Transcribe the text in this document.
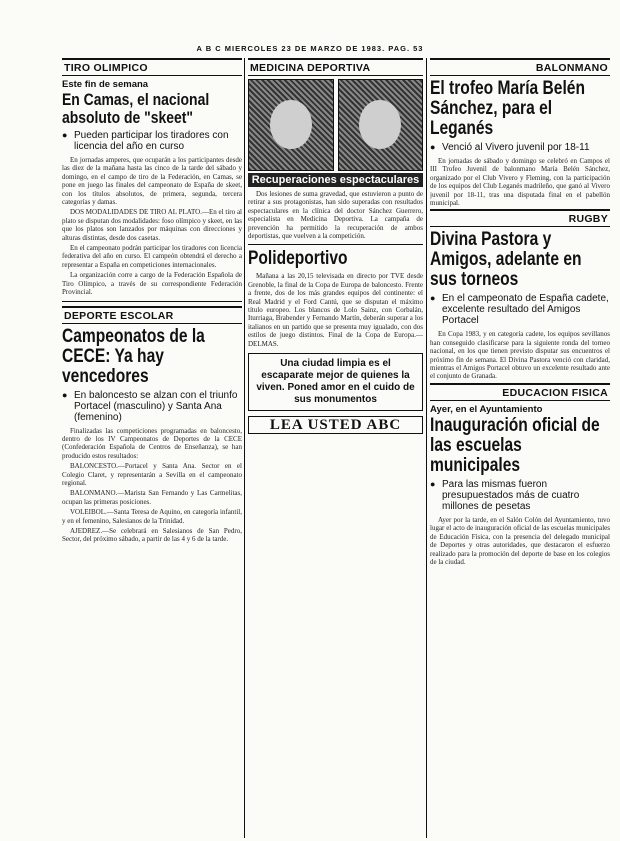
A B C MIERCOLES 23 DE MARZO DE 1983. PAG. 53
TIRO OLIMPICO
Este fin de semana
En Camas, el nacional absoluto de "skeet"
● Pueden participar los tiradores con licencia del año en curso

En jornadas amperes, que ocuparán a los participantes desde las diez de la mañana hasta las cinco de la tarde del sábado y domingo, en el campo de tiro de la Federación, en Camas, se pone en juego las finales del campeonato de España de skeet, con los títulos absolutos, de primera, segunda, tercera categorías y damas.

DOS MODALIDADES DE TIRO AL PLATO.—En el tiro al plato se disputan dos modalidades: foso olímpico y skeet, en las que los platos son lanzados por máquinas con direcciones y alturas distintas, desde dos casetas.

En el campeonato podrán participar los tiradores con licencia federativa del año en curso. El campeón obtendrá el derecho a representar a España en competiciones internacionales.

La organización corre a cargo de la Federación Española de Tiro Olímpico, a través de su correspondiente Federación Provincial.

DEPORTE ESCOLAR
Campeonatos de la CECE: Ya hay vencedores
● En baloncesto se alzan con el triunfo Portacel (masculino) y Santa Ana (femenino)

Finalizadas las competiciones programadas en baloncesto, dentro de los IV Campeonatos de Deportes de la CECE (Confederación Española de Centros de Enseñanza), se han producido estos resultados:

BALONCESTO.—Portacel y Santa Ana. Sector en el Colegio Claret, y representarán a Sevilla en el campeonato regional.

BALONMANO.—Marista San Fernando y Las Carmelitas, ocupan las primeras posiciones.

VOLEIBOL.—Santa Teresa de Aquino, en categoría infantil, y en el femenino, Salesianos de la Trinidad.

AJEDREZ.—Se celebrará en Salesianos de San Pedro, Sector, del próximo sábado, a partir de las 4 y 6 de la tarde.

MEDICINA DEPORTIVA
Recuperaciones espectaculares

Dos lesiones de suma gravedad, que estuvieron a punto de retirar a sus protagonistas, han sido superadas con resultados espectaculares en la clínica del doctor Sánchez Guerrero, especialista en Medicina Deportiva. La campaña de prevención ha permitido la recuperación de ambos deportistas, que vuelven a la competición.

Polideportivo

Mañana a las 20,15 televisada en directo por TVE desde Grenoble, la final de la Copa de Europa de baloncesto. Frente a frente, dos de los más grandes equipos del continente: el Real Madrid y el Ford Cantú, que se disputan el máximo título europeo. Los blancos de Lolo Sainz, con Corbalán, Iturriaga, Brabender y Fernando Martín, deberán superar a los italianos en un partido que se presenta muy igualado, con dos estilos de juego distintos. Final de la Copa de Europa.—DELMAS.

Una ciudad limpia es el escaparate mejor de quienes la viven. Poned amor en el cuido de sus monumentos
LEA USTED ABC
BALONMANO
El trofeo María Belén Sánchez, para el Leganés
● Venció al Vivero juvenil por 18-11

En jornadas de sábado y domingo se celebró en Campos el III Trofeo Juvenil de balonmano María Belén Sánchez, organizado por el Club Vivero y Fleming, con la participación de los equipos del Club Leganés madrileño, que ganó al Vivero juvenil por 18-11, tras una disputada final en el pabellón municipal.

RUGBY
Divina Pastora y Amigos, adelante en sus torneos
● En el campeonato de España cadete, excelente resultado del Amigos Portacel

En Copa 1983, y en categoría cadete, los equipos sevillanos han conseguido clasificarse para la siguiente ronda del torneo nacional, en los que tienen previsto disputar sus encuentros el próximo fin de semana. El Divina Pastora venció con claridad, mientras el Amigos Portacel obtuvo un excelente resultado ante el conjunto de Granada.

EDUCACION FISICA
Ayer, en el Ayuntamiento
Inauguración oficial de las escuelas municipales
● Para las mismas fueron presupuestados más de cuatro millones de pesetas

Ayer por la tarde, en el Salón Colón del Ayuntamiento, tuvo lugar el acto de inauguración oficial de las escuelas municipales de Educación Física, con la presencia del delegado municipal de Deportes y otras autoridades, que destacaron el esfuerzo realizado para la promoción del deporte de base en los colegios de la ciudad.
